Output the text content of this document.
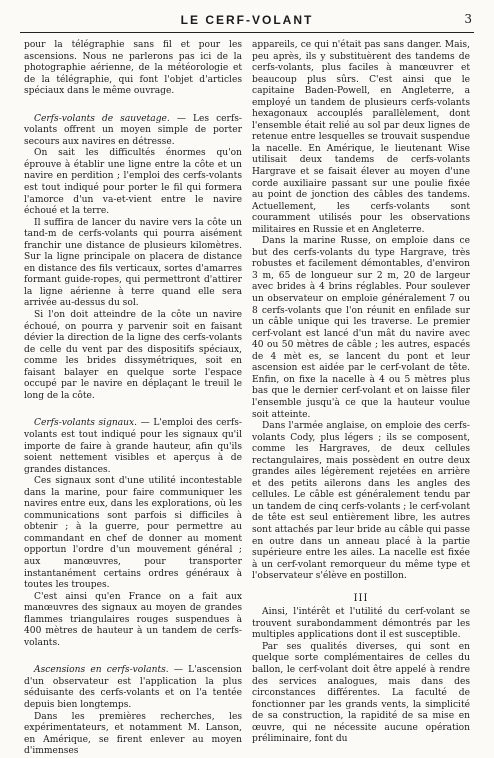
LE CERF-VOLANT	3

pour la télégraphie sans fil et pour les ascensions. Nous ne parlerons pas ici de la photographie aérienne, de la météorologie et de la télégraphie, qui font l'objet d'articles spéciaux dans le même ouvrage.

Cerfs-volants de sauvetage. — Les cerfs-volants offrent un moyen simple de porter secours aux navires en détresse.

On sait les difficultés énormes qu'on éprouve à établir une ligne entre la côte et un navire en perdition ; l'emploi des cerfs-volants est tout indiqué pour porter le fil qui formera l'amorce d'un va-et-vient entre le navire échoué et la terre.

Il suffira de lancer du navire vers la côte un tand-m de cerfs-volants qui pourra aisément franchir une distance de plusieurs kilomètres. Sur la ligne principale on placera de distance en distance des fils verticaux, sortes d'amarres formant guide-ropes, qui permettront d'attirer la ligne aérienne à terre quand elle sera arrivée au-dessus du sol.

Si l'on doit atteindre de la côte un navire échoué, on pourra y parvenir soit en faisant dévier la direction de la ligne des cerfs-volants de celle du vent par des dispositifs spéciaux, comme les brides dissymétriques, soit en faisant balayer en quelque sorte l'espace occupé par le navire en déplaçant le treuil le long de la côte.

Cerfs-volants signaux. — L'emploi des cerfs-volants est tout indiqué pour les signaux qu'il importe de faire à grande hauteur, afin qu'ils soient nettement visibles et aperçus à de grandes distances.

Ces signaux sont d'une utilité incontestable dans la marine, pour faire communiquer les navires entre eux, dans les explorations, où les communications sont parfois si difficiles à obtenir ; à la guerre, pour permettre au commandant en chef de donner au moment opportun l'ordre d'un mouvement général ; aux manœuvres, pour transporter instantanément certains ordres généraux à toutes les troupes.

C'est ainsi qu'en France on a fait aux manœuvres des signaux au moyen de grandes flammes triangulaires rouges suspendues à 400 mètres de hauteur à un tandem de cerfs-volants.

Ascensions en cerfs-volants. — L'ascension d'un observateur est l'application la plus séduisante des cerfs-volants et on l'a tentée depuis bien longtemps.

Dans les premières recherches, les expérimentateurs, et notamment M. Lanson, en Amérique, se firent enlever au moyen d'immenses

appareils, ce qui n'était pas sans danger. Mais, peu après, ils y substituèrent des tandems de cerfs-volants, plus faciles à manœuvrer et beaucoup plus sûrs. C'est ainsi que le capitaine Baden-Powell, en Angleterre, a employé un tandem de plusieurs cerfs-volants hexagonaux accouplés parallèlement, dont l'ensemble était relié au sol par deux lignes de retenue entre lesquelles se trouvait suspendue la nacelle. En Amérique, le lieutenant Wise utilisait deux tandems de cerfs-volants Hargrave et se faisait élever au moyen d'une corde auxiliaire passant sur une poulie fixée au point de jonction des câbles des tandems. Actuellement, les cerfs-volants sont couramment utilisés pour les observations militaires en Russie et en Angleterre.

Dans la marine Russe, on emploie dans ce but des cerfs-volants du type Hargrave, très robustes et facilement démontables, d'environ 3 m, 65 de longueur sur 2 m, 20 de largeur avec brides à 4 brins réglables. Pour soulever un observateur on emploie généralement 7 ou 8 cerfs-volants que l'on réunit en enfilade sur un câble unique qui les traverse. Le premier cerf-volant est lancé d'un mât du navire avec 40 ou 50 mètres de câble ; les autres, espacés de 4 mèt es, se lancent du pont et leur ascension est aidée par le cerf-volant de tête. Enfin, on fixe la nacelle à 4 ou 5 mètres plus bas que le dernier cerf-volant et on laisse filer l'ensemble jusqu'à ce que la hauteur voulue soit atteinte.

Dans l'armée anglaise, on emploie des cerfs-volants Cody, plus légers ; ils se composent, comme les Hargraves, de deux cellules rectangulaires, mais possèdent en outre deux grandes ailes légèrement rejetées en arrière et des petits ailerons dans les angles des cellules. Le câble est généralement tendu par un tandem de cinq cerfs-volants ; le cerf-volant de tête est seul entièrement libre, les autres sont attachés par leur bride au câble qui passe en outre dans un anneau placé à la partie supérieure entre les ailes. La nacelle est fixée à un cerf-volant remorqueur du même type et l'observateur s'élève en postillon.

III

Ainsi, l'intérêt et l'utilité du cerf-volant se trouvent surabondamment démontrés par les multiples applications dont il est susceptible.

Par ses qualités diverses, qui sont en quelque sorte complémentaires de celles du ballon, le cerf-volant doit être appelé à rendre des services analogues, mais dans des circonstances différentes. La faculté de fonctionner par les grands vents, la simplicité de sa construction, la rapidité de sa mise en œuvre, qui ne nécessite aucune opération préliminaire, font du
